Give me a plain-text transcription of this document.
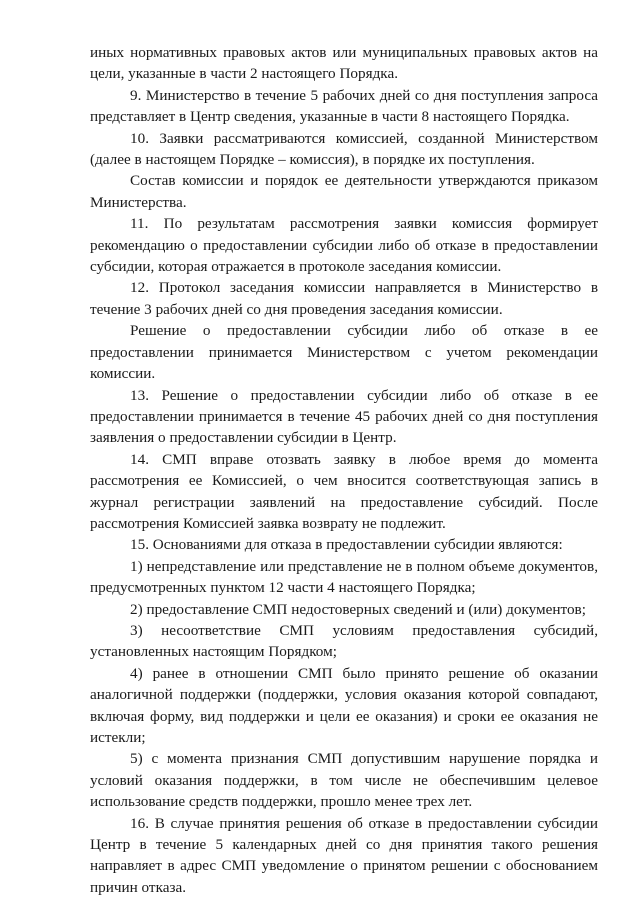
иных нормативных правовых актов или муниципальных правовых актов на цели, указанные в части 2 настоящего Порядка.

9. Министерство в течение 5 рабочих дней со дня поступления запроса представляет в Центр сведения, указанные в части 8 настоящего Порядка.

10. Заявки рассматриваются комиссией, созданной Министерством (далее в настоящем Порядке – комиссия), в порядке их поступления.

Состав комиссии и порядок ее деятельности утверждаются приказом Министерства.

11. По результатам рассмотрения заявки комиссия формирует рекомендацию о предоставлении субсидии либо об отказе в предоставлении субсидии, которая отражается в протоколе заседания комиссии.

12. Протокол заседания комиссии направляется в Министерство в течение 3 рабочих дней со дня проведения заседания комиссии.

Решение о предоставлении субсидии либо об отказе в ее предоставлении принимается Министерством с учетом рекомендации комиссии.

13. Решение о предоставлении субсидии либо об отказе в ее предоставлении принимается в течение 45 рабочих дней со дня поступления заявления о предоставлении субсидии в Центр.

14. СМП вправе отозвать заявку в любое время до момента рассмотрения ее Комиссией, о чем вносится соответствующая запись в журнал регистрации заявлений на предоставление субсидий. После рассмотрения Комиссией заявка возврату не подлежит.

15. Основаниями для отказа в предоставлении субсидии являются:

1) непредставление или представление не в полном объеме документов, предусмотренных пунктом 12 части 4 настоящего Порядка;

2) предоставление СМП недостоверных сведений и (или) документов;

3) несоответствие СМП условиям предоставления субсидий, установленных настоящим Порядком;

4) ранее в отношении СМП было принято решение об оказании аналогичной поддержки (поддержки, условия оказания которой совпадают, включая форму, вид поддержки и цели ее оказания) и сроки ее оказания не истекли;

5) с момента признания СМП допустившим нарушение порядка и условий оказания поддержки, в том числе не обеспечившим целевое использование средств поддержки, прошло менее трех лет.

16. В случае принятия решения об отказе в предоставлении субсидии Центр в течение 5 календарных дней со дня принятия такого решения направляет в адрес СМП уведомление о принятом решении с обоснованием причин отказа.
